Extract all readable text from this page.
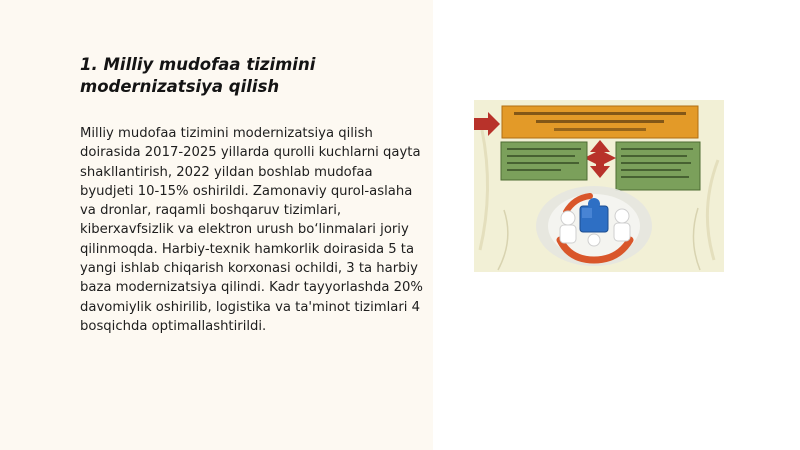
1. Milliy mudofaa tizimini modernizatsiya qilish

Milliy mudofaa tizimini modernizatsiya qilish doirasida 2017-2025 yillarda qurolli kuchlarni qayta shakllantirish, 2022 yildan boshlab mudofaa byudjeti 10-15% oshirildi. Zamonaviy qurol-aslaha va dronlar, raqamli boshqaruv tizimlari, kiberxavfsizlik va elektron urush bo‘linmalari joriy qilinmoqda. Harbiy-texnik hamkorlik doirasida 5 ta yangi ishlab chiqarish korxonasi ochildi, 3 ta harbiy baza modernizatsiya qilindi. Kadr tayyorlashda 20% davomiylik oshirilib, logistika va ta'minot tizimlari 4 bosqichda optimallashtirildi.
